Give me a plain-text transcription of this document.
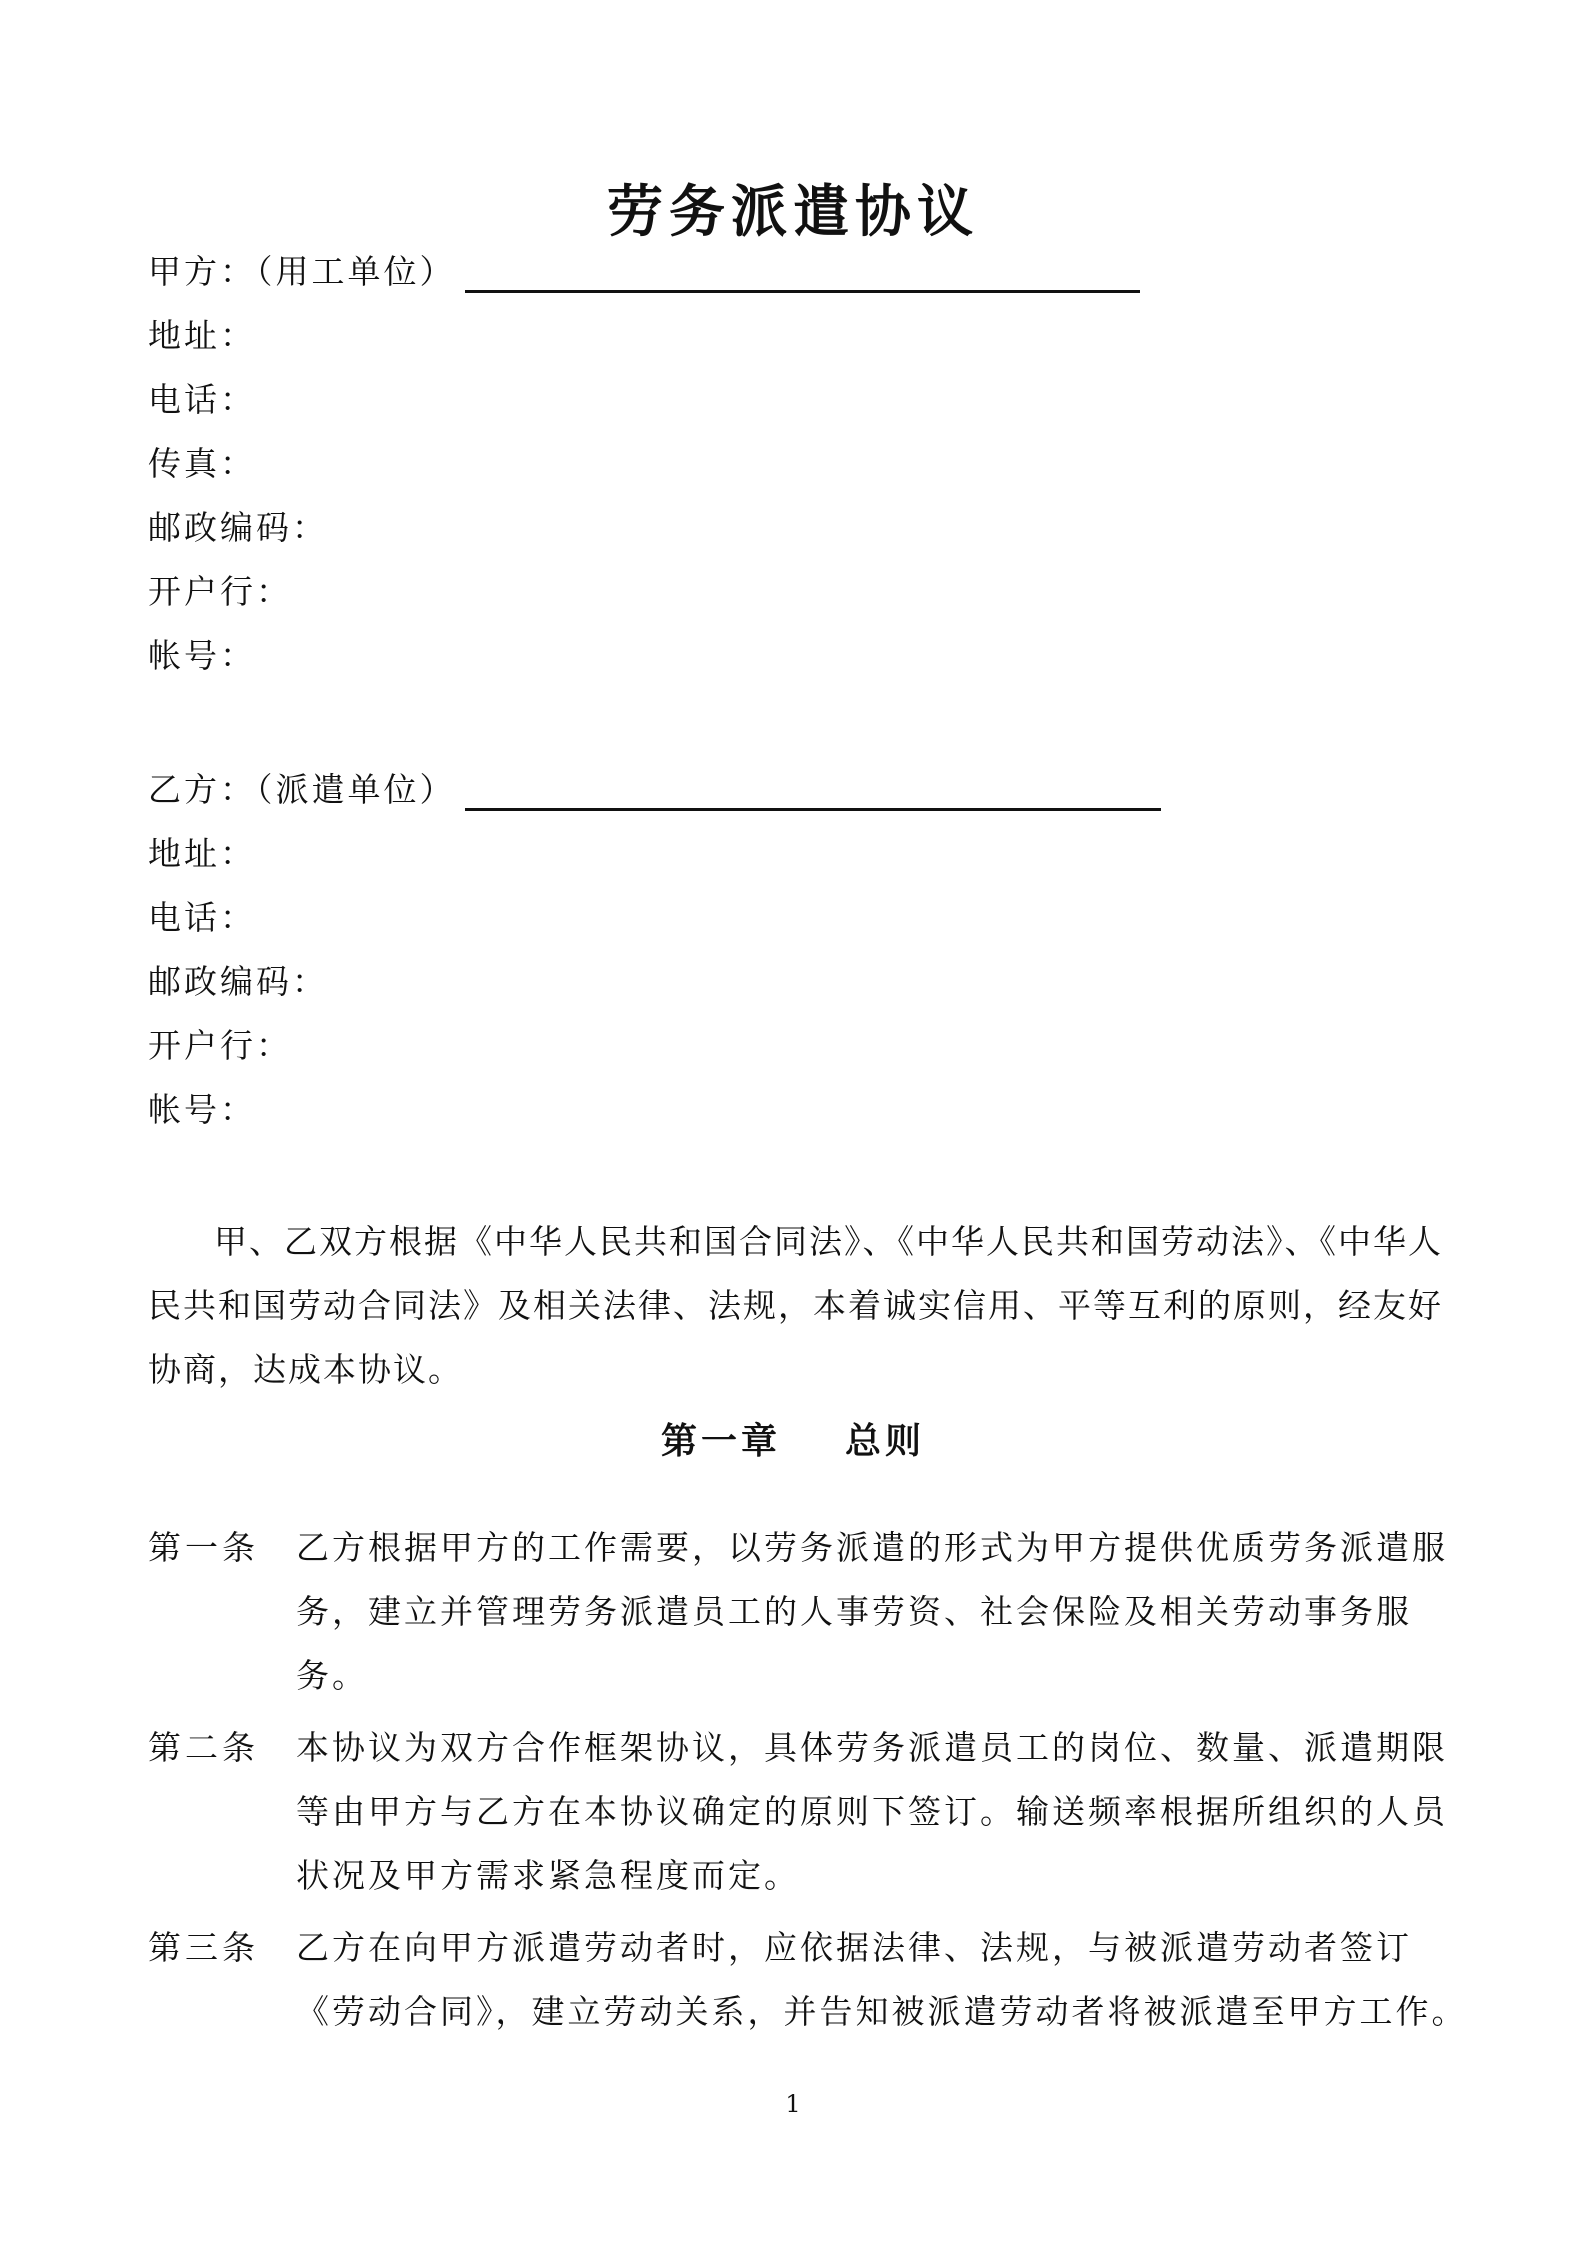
劳务派遣协议
甲方：（用工单位）
地址：
电话：
传真：
邮政编码：
开户行：
帐号：
乙方：（派遣单位）
地址：
电话：
邮政编码：
开户行：
帐号：
甲、乙双方根据《中华人民共和国合同法》、《中华人民共和国劳动法》、《中华人民共和国劳动合同法》及相关法律、法规，本着诚实信用、平等互利的原则，经友好协商，达成本协议。
第一章 总则
第一条 乙方根据甲方的工作需要，以劳务派遣的形式为甲方提供优质劳务派遣服务，建立并管理劳务派遣员工的人事劳资、社会保险及相关劳动事务服务。
第二条 本协议为双方合作框架协议，具体劳务派遣员工的岗位、数量、派遣期限等由甲方与乙方在本协议确定的原则下签订。输送频率根据所组织的人员状况及甲方需求紧急程度而定。
第三条 乙方在向甲方派遣劳动者时，应依据法律、法规，与被派遣劳动者签订《劳动合同》，建立劳动关系，并告知被派遣劳动者将被派遣至甲方工作。
1
